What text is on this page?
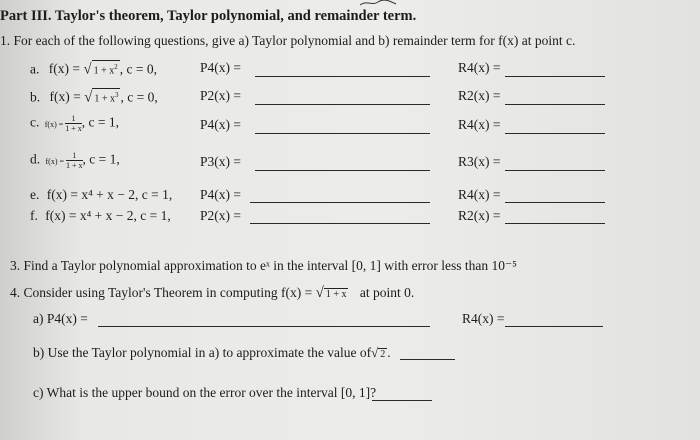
Part III. Taylor's theorem, Taylor polynomial, and remainder term.
1. For each of the following questions, give a) Taylor polynomial and b) remainder term for f(x) at point c.
a. f(x) = √ $1 + x^2$ , c = 0,	P4(x) =	R4(x) =
b. f(x) = √ $1 + x^3$ , c = 0,	P2(x) =	R2(x) =
c. $f(x) = \frac{1}{1 + x}$ , c = 1,	P4(x) =	R4(x) =
d. $f(x) = \frac{1}{1 + x}$ , c = 1,	P3(x) =	R3(x) =
e. f(x) = x⁴ + x − 2, c = 1, P4(x) =	R4(x) =
f. f(x) = x⁴ + x − 2, c = 1, P2(x) =	R2(x) =
3. Find a Taylor polynomial approximation to eˣ in the interval [0, 1] with error less than 10⁻⁵
4. Consider using Taylor's Theorem in computing f(x) = √ 1 + x at point 0.
a) P4(x) =	R4(x) =
b) Use the Taylor polynomial in a) to approximate the value of√ 2 .
c) What is the upper bound on the error over the interval [0, 1]?
